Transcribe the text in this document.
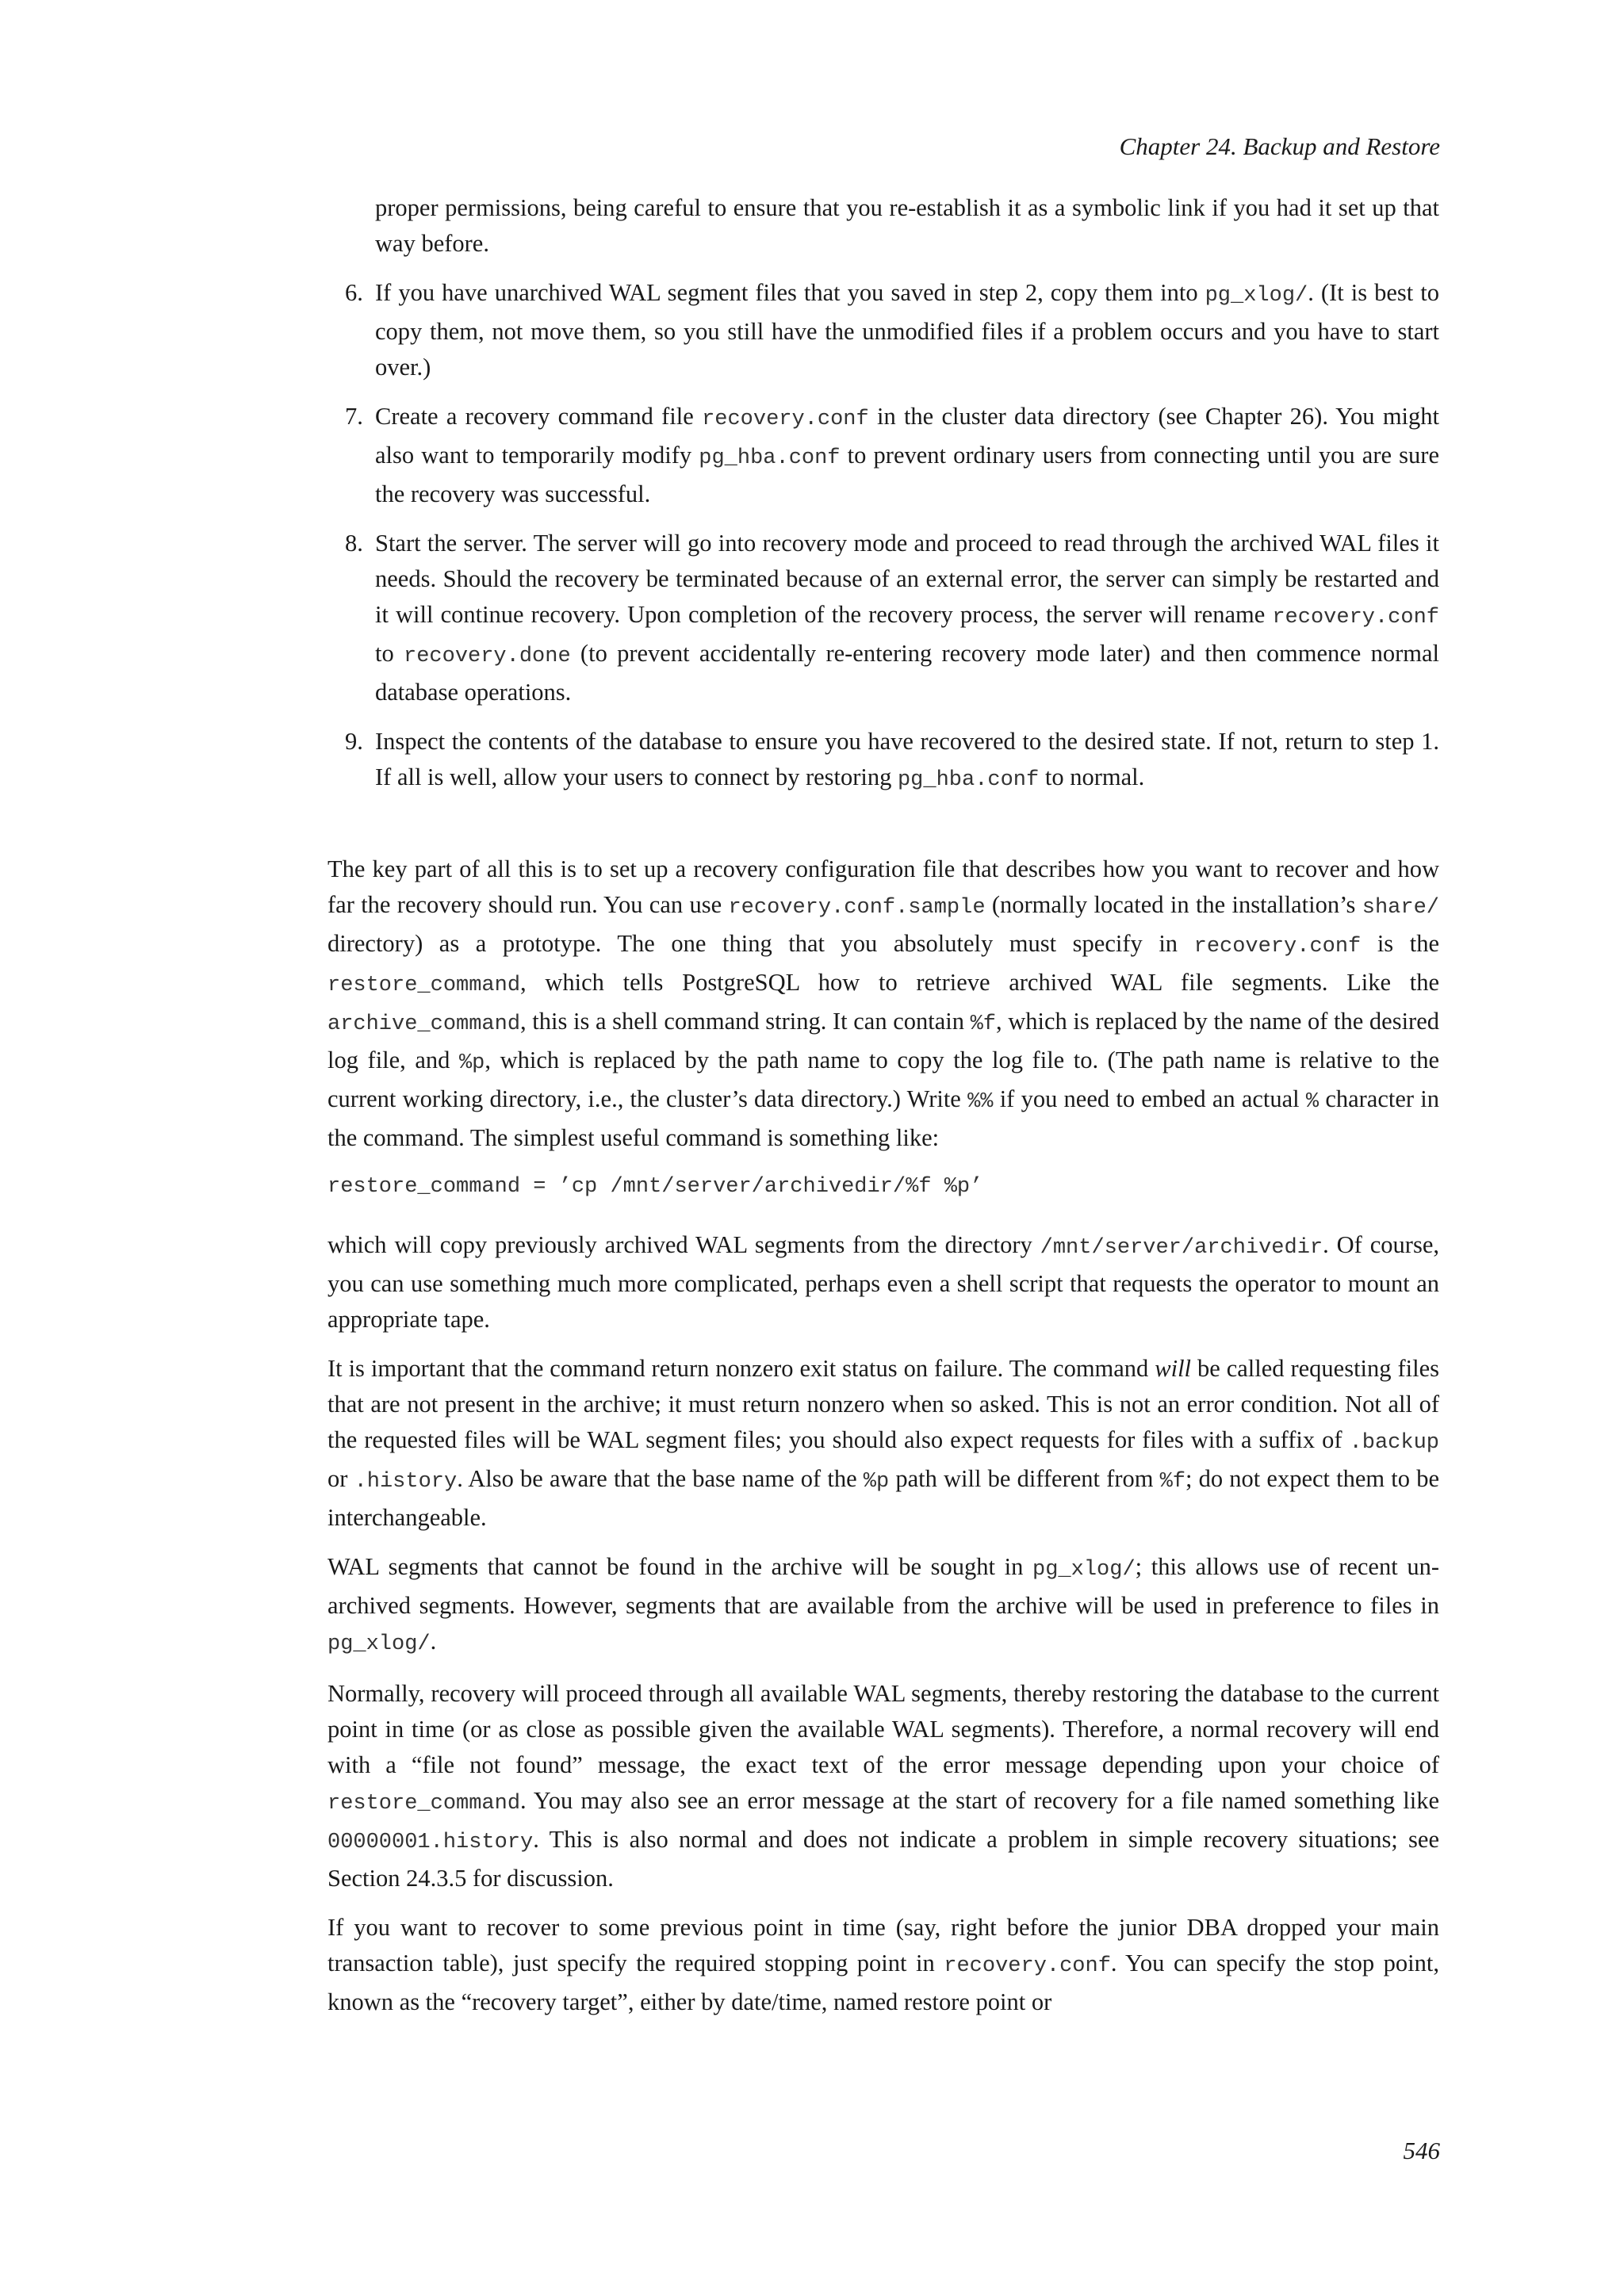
Chapter 24. Backup and Restore
proper permissions, being careful to ensure that you re-establish it as a symbolic link if you had it set up that way before.
6. If you have unarchived WAL segment files that you saved in step 2, copy them into pg_xlog/. (It is best to copy them, not move them, so you still have the unmodified files if a problem occurs and you have to start over.)
7. Create a recovery command file recovery.conf in the cluster data directory (see Chapter 26). You might also want to temporarily modify pg_hba.conf to prevent ordinary users from connecting until you are sure the recovery was successful.
8. Start the server. The server will go into recovery mode and proceed to read through the archived WAL files it needs. Should the recovery be terminated because of an external error, the server can simply be restarted and it will continue recovery. Upon completion of the recovery process, the server will rename recovery.conf to recovery.done (to prevent accidentally re-entering recovery mode later) and then commence normal database operations.
9. Inspect the contents of the database to ensure you have recovered to the desired state. If not, return to step 1. If all is well, allow your users to connect by restoring pg_hba.conf to normal.

The key part of all this is to set up a recovery configuration file that describes how you want to recover and how far the recovery should run. You can use recovery.conf.sample (normally located in the installation’s share/ directory) as a prototype. The one thing that you absolutely must specify in recovery.conf is the restore_command, which tells PostgreSQL how to retrieve archived WAL file segments. Like the archive_command, this is a shell command string. It can contain %f, which is replaced by the name of the desired log file, and %p, which is replaced by the path name to copy the log file to. (The path name is relative to the current working directory, i.e., the cluster’s data directory.) Write %% if you need to embed an actual % character in the command. The simplest useful command is something like:

restore_command = ’cp /mnt/server/archivedir/%f %p’

which will copy previously archived WAL segments from the directory /mnt/server/archivedir. Of course, you can use something much more complicated, perhaps even a shell script that requests the operator to mount an appropriate tape.

It is important that the command return nonzero exit status on failure. The command will be called requesting files that are not present in the archive; it must return nonzero when so asked. This is not an error condition. Not all of the requested files will be WAL segment files; you should also expect requests for files with a suffix of .backup or .history. Also be aware that the base name of the %p path will be different from %f; do not expect them to be interchangeable.

WAL segments that cannot be found in the archive will be sought in pg_xlog/; this allows use of recent un-archived segments. However, segments that are available from the archive will be used in preference to files in pg_xlog/.

Normally, recovery will proceed through all available WAL segments, thereby restoring the database to the current point in time (or as close as possible given the available WAL segments). Therefore, a normal recovery will end with a “file not found” message, the exact text of the error message depending upon your choice of restore_command. You may also see an error message at the start of recovery for a file named something like 00000001.history. This is also normal and does not indicate a problem in simple recovery situations; see Section 24.3.5 for discussion.

If you want to recover to some previous point in time (say, right before the junior DBA dropped your main transaction table), just specify the required stopping point in recovery.conf. You can specify the stop point, known as the “recovery target”, either by date/time, named restore point or

546
